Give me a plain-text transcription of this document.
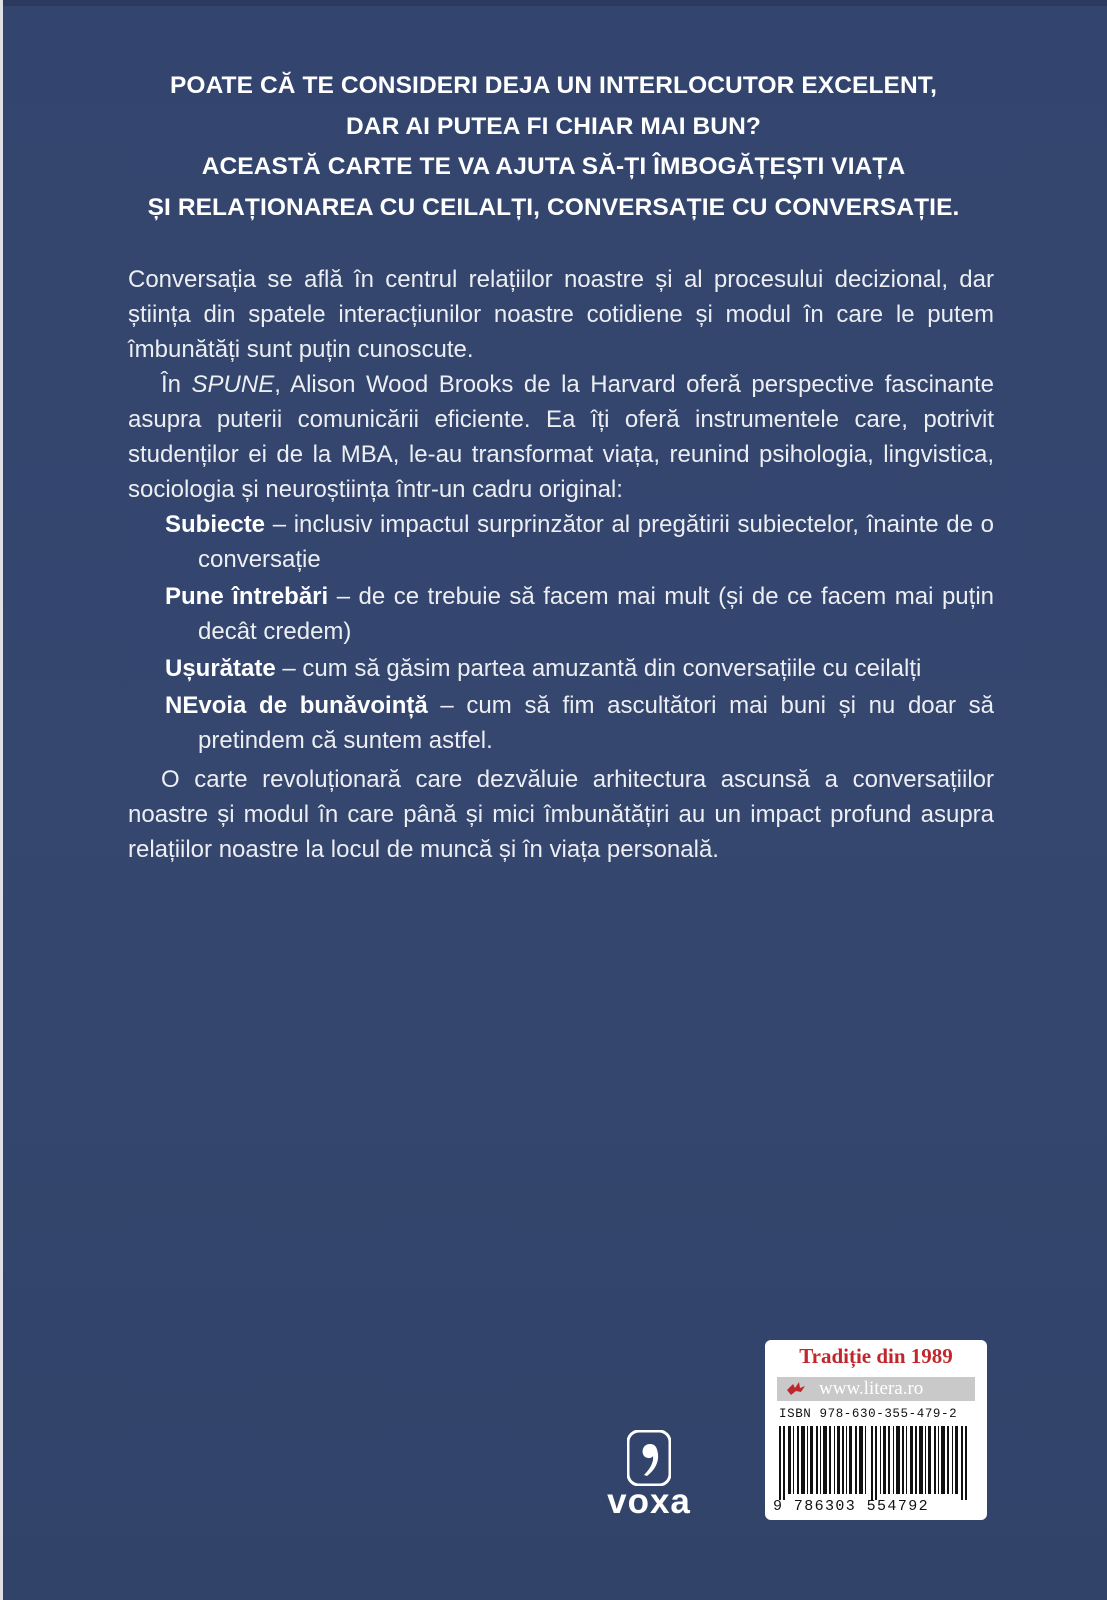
POATE CĂ TE CONSIDERI DEJA UN INTERLOCUTOR EXCELENT,
DAR AI PUTEA FI CHIAR MAI BUN?
ACEASTĂ CARTE TE VA AJUTA SĂ-ȚI ÎMBOGĂȚEȘTI VIAȚA
ȘI RELAȚIONAREA CU CEILALȚI, CONVERSAȚIE CU CONVERSAȚIE.

Conversația se află în centrul relațiilor noastre și al procesului decizional, dar știința din spatele interacțiunilor noastre cotidiene și modul în care le putem îmbunătăți sunt puțin cunoscute.

În SPUNE, Alison Wood Brooks de la Harvard oferă perspective fascinante asupra puterii comunicării eficiente. Ea îți oferă instrumentele care, potrivit studenților ei de la MBA, le-au transformat viața, reunind psihologia, lingvistica, sociologia și neuroștiința într-un cadru original:

Subiecte – inclusiv impactul surprinzător al pregătirii subiectelor, înainte de o conversație
Pune întrebări – de ce trebuie să facem mai mult (și de ce facem mai puțin decât credem)
Ușurătate – cum să găsim partea amuzantă din conversațiile cu ceilalți
NEvoia de bunăvoință – cum să fim ascultători mai buni și nu doar să pretindem că suntem astfel.

O carte revoluționară care dezvăluie arhitectura ascunsă a conversațiilor noastre și modul în care până și mici îmbunătățiri au un impact profund asupra relațiilor noastre la locul de muncă și în viața personală.

voxa
Tradiție din 1989
www.litera.ro
ISBN 978-630-355-479-2
9 786303 554792
